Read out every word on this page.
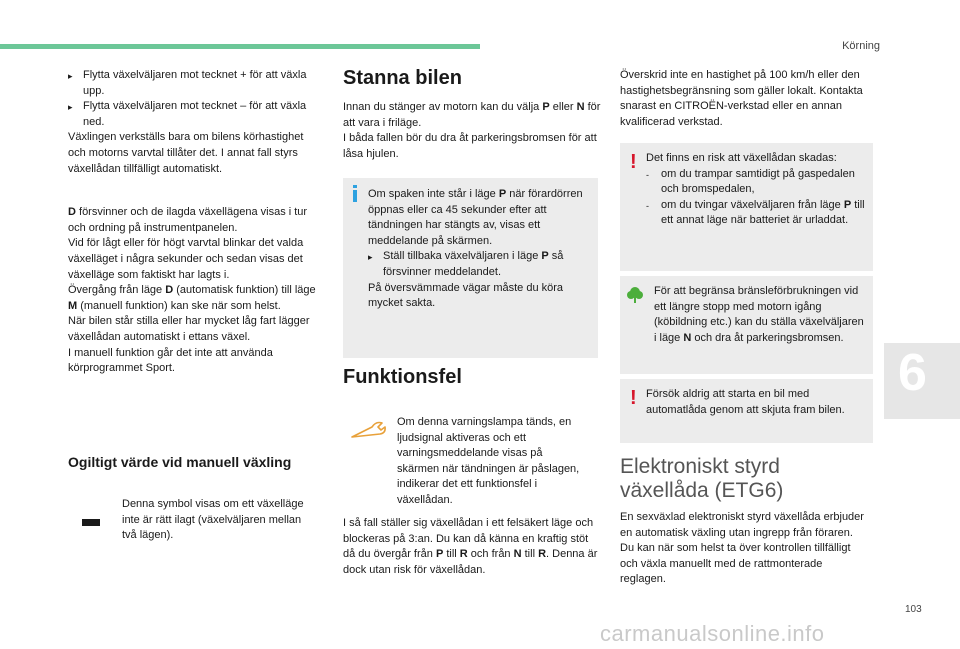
Körning
6
103
carmanualsonline.info
▸ Flytta växelväljaren mot tecknet + för att växla upp.
▸ Flytta växelväljaren mot tecknet – för att växla ned.

Växlingen verkställs bara om bilens körhastighet och motorns varvtal tillåter det. I annat fall styrs växellådan tillfälligt automatiskt.

D försvinner och de ilagda växellägena visas i tur och ordning på instrumentpanelen.

Vid för lågt eller för högt varvtal blinkar det valda växelläget i några sekunder och sedan visas det växelläge som faktiskt har lagts i.

Övergång från läge D (automatisk funktion) till läge M (manuell funktion) kan ske när som helst.

När bilen står stilla eller har mycket låg fart lägger växellådan automatiskt i ettans växel.

I manuell funktion går det inte att använda körprogrammet Sport.

Ogiltigt värde vid manuell växling
Denna symbol visas om ett växelläge inte är rätt ilagt (växelväljaren mellan två lägen).
Stanna bilen

Innan du stänger av motorn kan du välja P eller N för att vara i friläge.

I båda fallen bör du dra åt parkeringsbromsen för att låsa hjulen.

Om spaken inte står i läge P när förardörren öppnas eller ca 45 sekunder efter att tändningen har stängts av, visas ett meddelande på skärmen.

▸ Ställ tillbaka växelväljaren i läge P så försvinner meddelandet.

På översvämmade vägar måste du köra mycket sakta.

Funktionsfel
Om denna varningslampa tänds, en ljudsignal aktiveras och ett varningsmeddelande visas på skärmen när tändningen är påslagen, indikerar det ett funktionsfel i växellådan.

I så fall ställer sig växellådan i ett felsäkert läge och blockeras på 3:an. Du kan då känna en kraftig stöt då du övergår från P till R och från N till R. Denna är dock utan risk för växellådan.

Överskrid inte en hastighet på 100 km/h eller den hastighetsbegränsning som gäller lokalt. Kontakta snarast en CITROËN-verkstad eller en annan kvalificerad verkstad.
! Det finns en risk att växellådan skadas:

-	om du trampar samtidigt på gaspedalen och bromspedalen,
-	om du tvingar växelväljaren från läge P till ett annat läge när batteriet är urladdat.

För att begränsa bränsleförbrukningen vid ett längre stopp med motorn igång (köbildning etc.) kan du ställa växelväljaren i läge N och dra åt parkeringsbromsen.

! Försök aldrig att starta en bil med automatlåda genom att skjuta fram bilen.

Elektroniskt styrd
växellåda (ETG6)

En sexväxlad elektroniskt styrd växellåda erbjuder en automatisk växling utan ingrepp från föraren.

Du kan när som helst ta över kontrollen tillfälligt och växla manuellt med de rattmonterade reglagen.
